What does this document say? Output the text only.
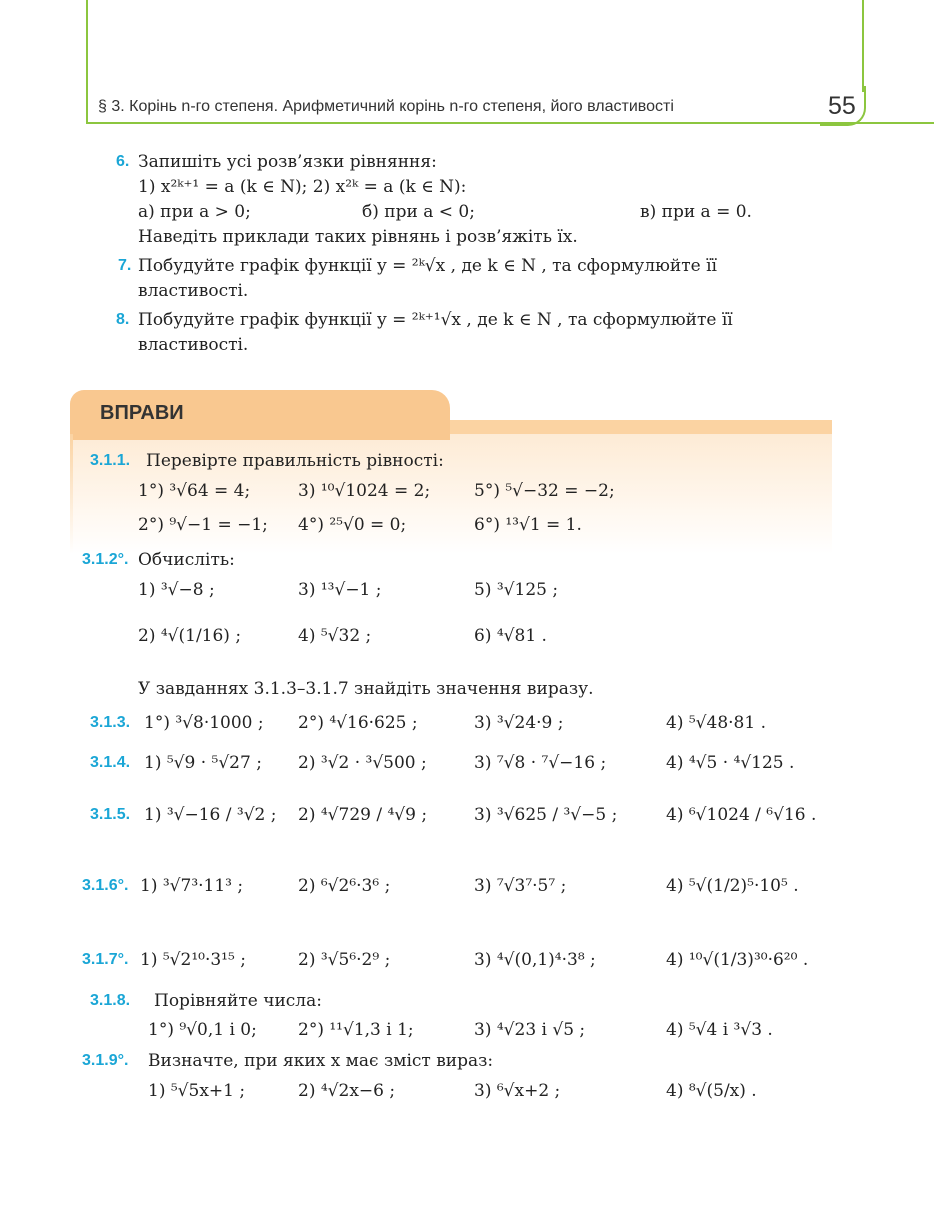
§ 3. Корінь n-го степеня. Арифметичний корінь n-го степеня, його властивості	55
6. Запишіть усі розв’язки рівняння:
1) x²ᵏ⁺¹ = a (k ∈ N); 2) x²ᵏ = a (k ∈ N):
а) при a > 0;	б) при a < 0;	в) при a = 0.
Наведіть приклади таких рівнянь і розв’яжіть їх.
7. Побудуйте графік функції y = ²ᵏ√x , де k ∈ N , та сформулюйте її
властивості.
8. Побудуйте графік функції y = ²ᵏ⁺¹√x , де k ∈ N , та сформулюйте її
властивості.
ВПРАВИ
3.1.1. Перевірте правильність рівності:
1°) ³√64 = 4;	3) ¹⁰√1024 = 2;	5°) ⁵√−32 = −2;
2°) ⁹√−1 = −1; 4°) ²⁵√0 = 0;	6°) ¹³√1 = 1.
3.1.2°. Обчисліть:
1) ³√−8 ;	3) ¹³√−1 ;	5) ³√125 ;
2) ⁴√(1/16) ;	4) ⁵√32 ;	6) ⁴√81 .
У завданнях 3.1.3–3.1.7 знайдіть значення виразу.
3.1.3. 1°) ³√8·1000 ; 2°) ⁴√16·625 ;	3) ³√24·9 ;	4) ⁵√48·81 .
3.1.4. 1) ⁵√9 · ⁵√27 ; 2) ³√2 · ³√500 ;	3) ⁷√8 · ⁷√−16 ;	4) ⁴√5 · ⁴√125 .
3.1.5. 1) ³√−16 / ³√2 ; 2) ⁴√729 / ⁴√9 ;	3) ³√625 / ³√−5 ;	4) ⁶√1024 / ⁶√16 .
3.1.6°. 1) ³√7³·11³ ;	2) ⁶√2⁶·3⁶ ;	3) ⁷√3⁷·5⁷ ;	4) ⁵√(1/2)⁵·10⁵ .
3.1.7°. 1) ⁵√2¹⁰·3¹⁵ ;	2) ³√5⁶·2⁹ ;	3) ⁴√(0,1)⁴·3⁸ ;	4) ¹⁰√(1/3)³⁰·6²⁰ .
3.1.8. Порівняйте числа:
1°) ⁹√0,1 і 0; 2°) ¹¹√1,3 і 1;	3) ⁴√23 і √5 ;	4) ⁵√4 і ³√3 .
3.1.9°. Визначте, при яких x має зміст вираз:
1) ⁵√5x+1 ;	2) ⁴√2x−6 ;	3) ⁶√x+2 ;	4) ⁸√(5/x) .
